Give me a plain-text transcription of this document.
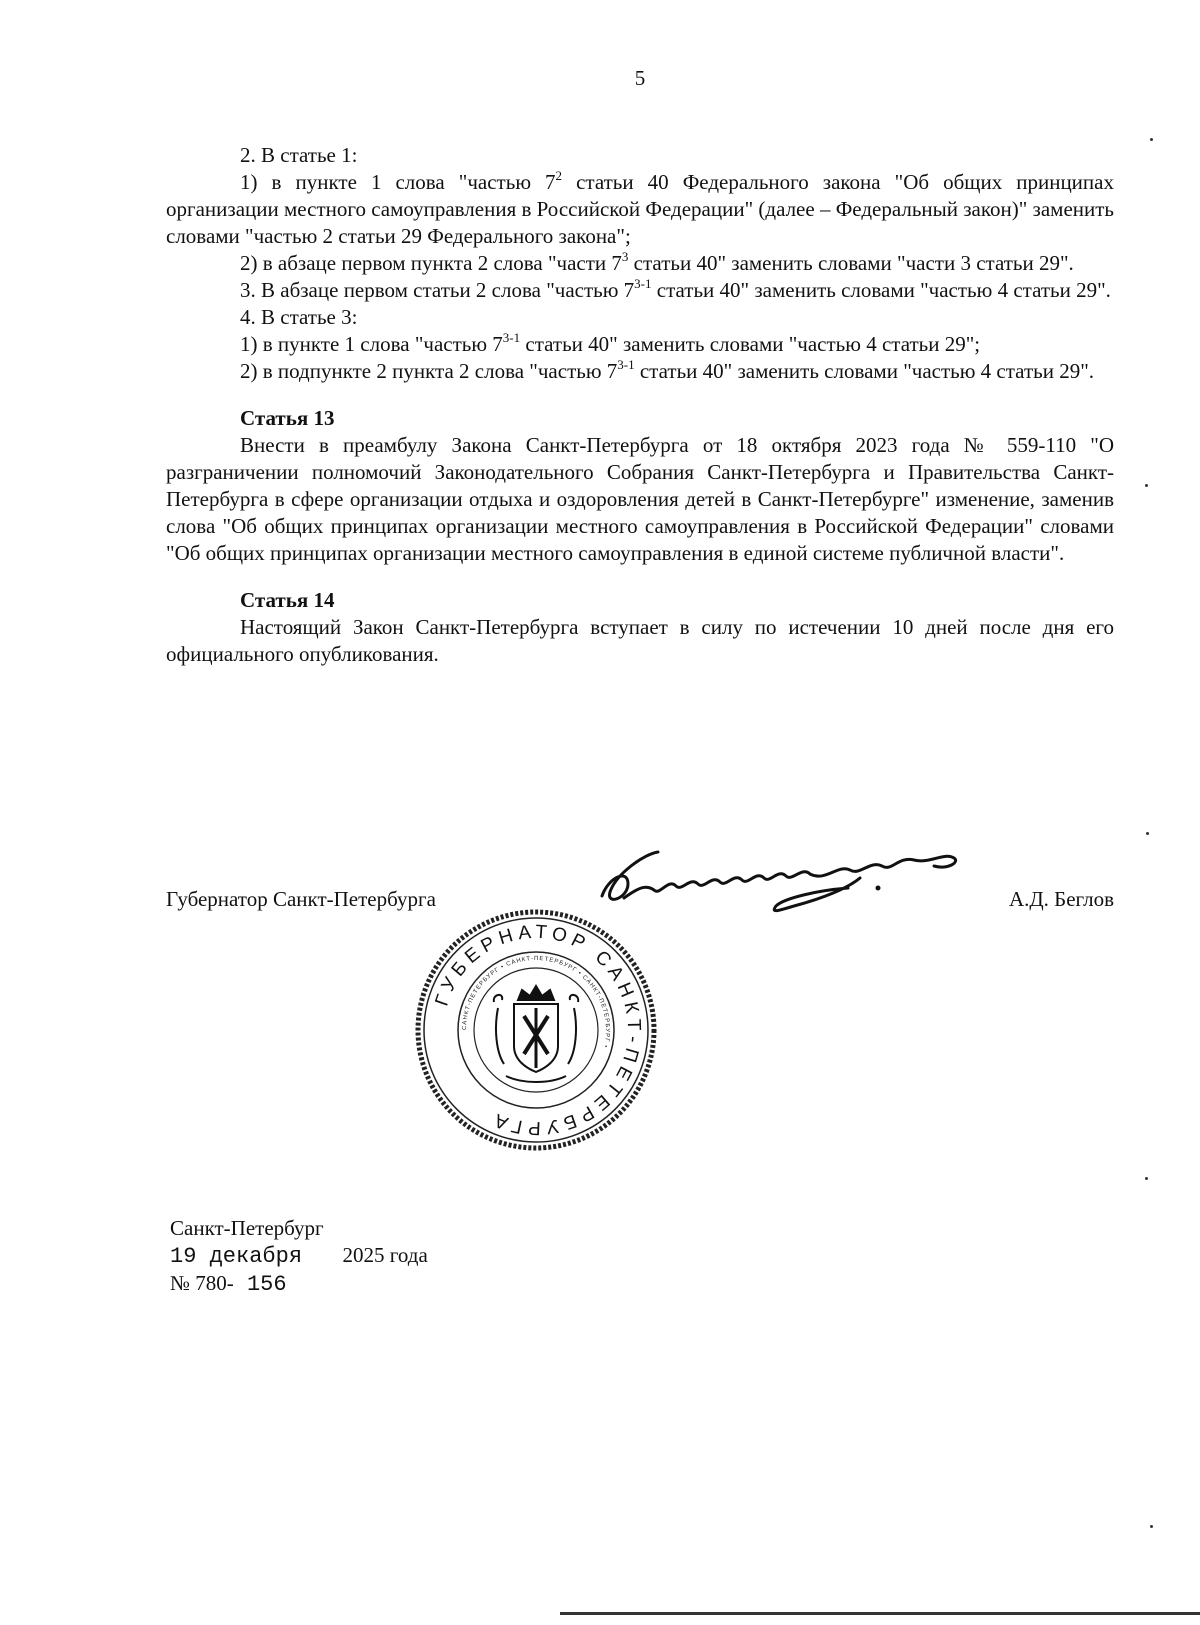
5

2. В статье 1:

1) в пункте 1 слова "частью $7^2$ статьи 40 Федерального закона "Об общих принципах организации местного самоуправления в Российской Федерации" (далее – Федеральный закон)" заменить словами "частью 2 статьи 29 Федерального закона";

2) в абзаце первом пункта 2 слова "части $7^3$ статьи 40" заменить словами "части 3 статьи 29".

3. В абзаце первом статьи 2 слова "частью 7$^{3-1}$ статьи 40" заменить словами "частью 4 статьи 29".

4. В статье 3:

1) в пункте 1 слова "частью 7$^{3-1}$ статьи 40" заменить словами "частью 4 статьи 29";

2) в подпункте 2 пункта 2 слова "частью 7$^{3-1}$ статьи 40" заменить словами "частью 4 статьи 29".

Статья 13

Внести в преамбулу Закона Санкт-Петербурга от 18 октября 2023 года № 559-110 "О разграничении полномочий Законодательного Собрания Санкт-Петербурга и Правительства Санкт-Петербурга в сфере организации отдыха и оздоровления детей в Санкт-Петербурге" изменение, заменив слова "Об общих принципах организации местного самоуправления в Российской Федерации" словами "Об общих принципах организации местного самоуправления в единой системе публичной власти".

Статья 14

Настоящий Закон Санкт-Петербурга вступает в силу по истечении 10 дней после дня его официального опубликования.

Губернатор Санкт-Петербурга	А.Д. Беглов
ГУБЕРНАТОР САНКТ-ПЕТЕРБУРГА
САНКТ-ПЕТЕРБУРГ • САНКТ-ПЕТЕРБУРГ • САНКТ-ПЕТЕРБУРГ •
Санкт-Петербург
19 декабря 2025 года
№ 780- 156
